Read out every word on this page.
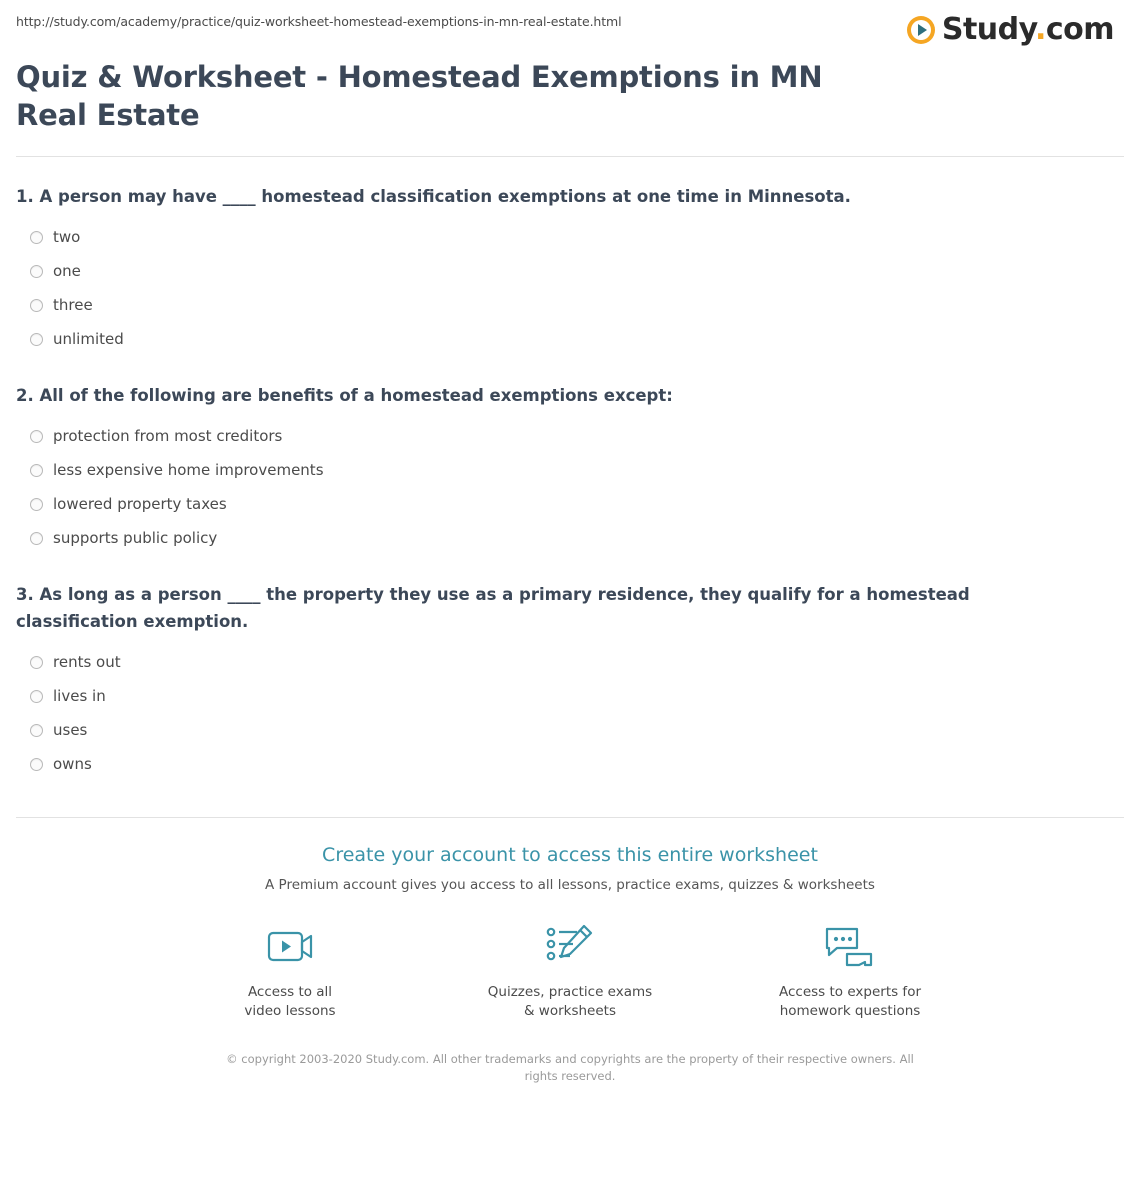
http://study.com/academy/practice/quiz-worksheet-homestead-exemptions-in-mn-real-estate.html	Study.com
Quiz & Worksheet - Homestead Exemptions in MN Real Estate

1. A person may have ____ homestead classification exemptions at one time in Minnesota.

two
one
three
unlimited

2. All of the following are benefits of a homestead exemptions except:

protection from most creditors
less expensive home improvements
lowered property taxes
supports public policy

3. As long as a person ____ the property they use as a primary residence, they qualify for a homestead classification exemption.

rents out
lives in
uses
owns

Create your account to access this entire worksheet

A Premium account gives you access to all lessons, practice exams, quizzes & worksheets

Access to all
video lessons
Quizzes, practice exams
& worksheets
Access to experts for
homework questions
© copyright 2003-2020 Study.com. All other trademarks and copyrights are the property of their respective owners. All rights reserved.
